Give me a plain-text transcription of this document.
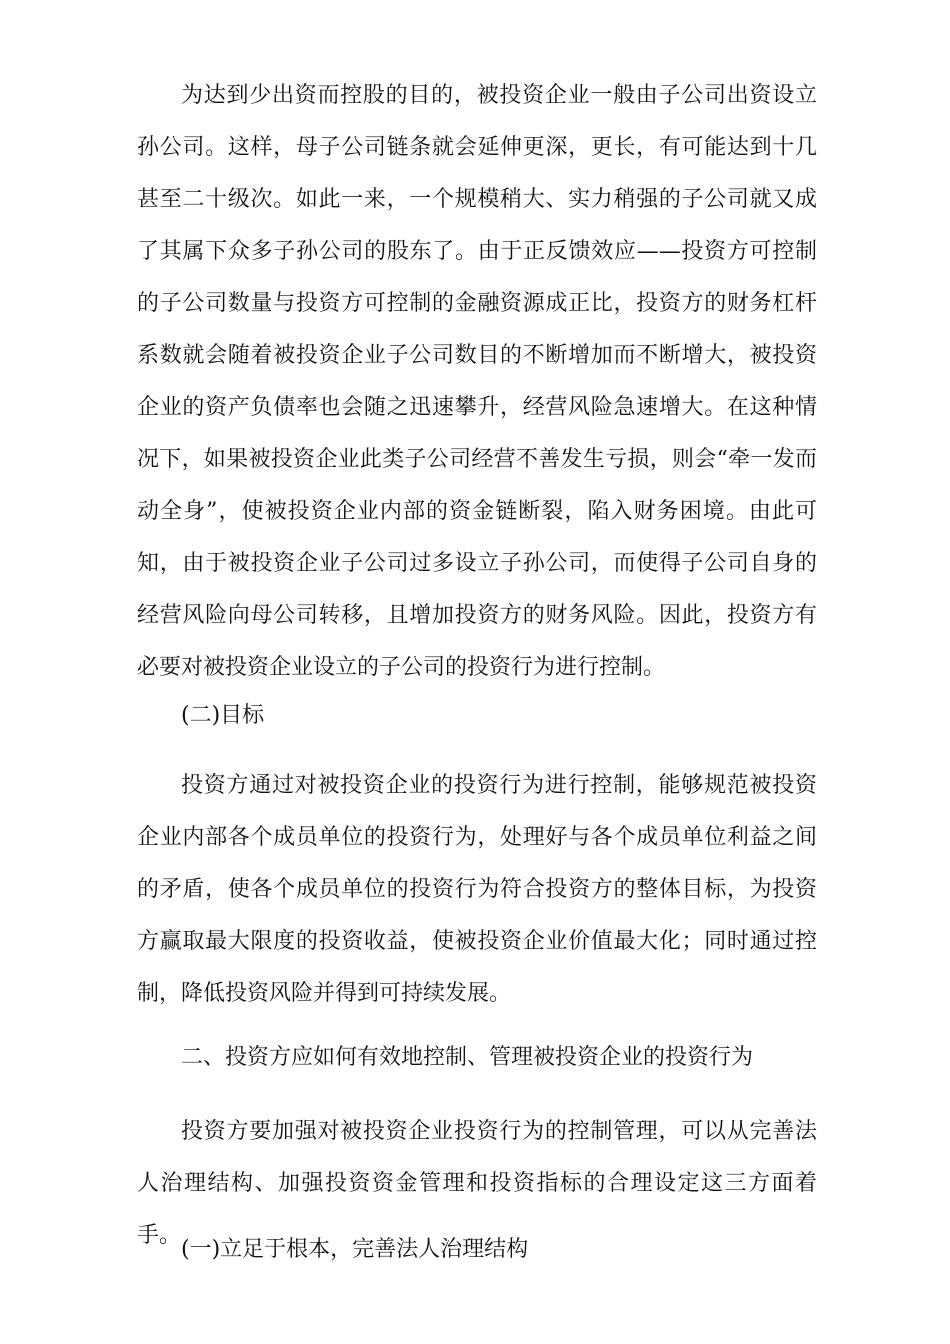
为达到少出资而控股的目的，被投资企业一般由子公司出资设立孙公司。这样，母子公司链条就会延伸更深，更长，有可能达到十几甚至二十级次。如此一来，一个规模稍大、实力稍强的子公司就又成了其属下众多子孙公司的股东了。由于正反馈效应——投资方可控制的子公司数量与投资方可控制的金融资源成正比，投资方的财务杠杆系数就会随着被投资企业子公司数目的不断增加而不断增大，被投资企业的资产负债率也会随之迅速攀升，经营风险急速增大。在这种情况下，如果被投资企业此类子公司经营不善发生亏损，则会“牵一发而动全身”，使被投资企业内部的资金链断裂，陷入财务困境。由此可知，由于被投资企业子公司过多设立子孙公司，而使得子公司自身的经营风险向母公司转移，且增加投资方的财务风险。因此，投资方有必要对被投资企业设立的子公司的投资行为进行控制。

(二)目标

投资方通过对被投资企业的投资行为进行控制，能够规范被投资企业内部各个成员单位的投资行为，处理好与各个成员单位利益之间的矛盾，使各个成员单位的投资行为符合投资方的整体目标，为投资方赢取最大限度的投资收益，使被投资企业价值最大化；同时通过控制，降低投资风险并得到可持续发展。

二、投资方应如何有效地控制、管理被投资企业的投资行为

投资方要加强对被投资企业投资行为的控制管理，可以从完善法人治理结构、加强投资资金管理和投资指标的合理设定这三方面着手。

(一)立足于根本，完善法人治理结构
